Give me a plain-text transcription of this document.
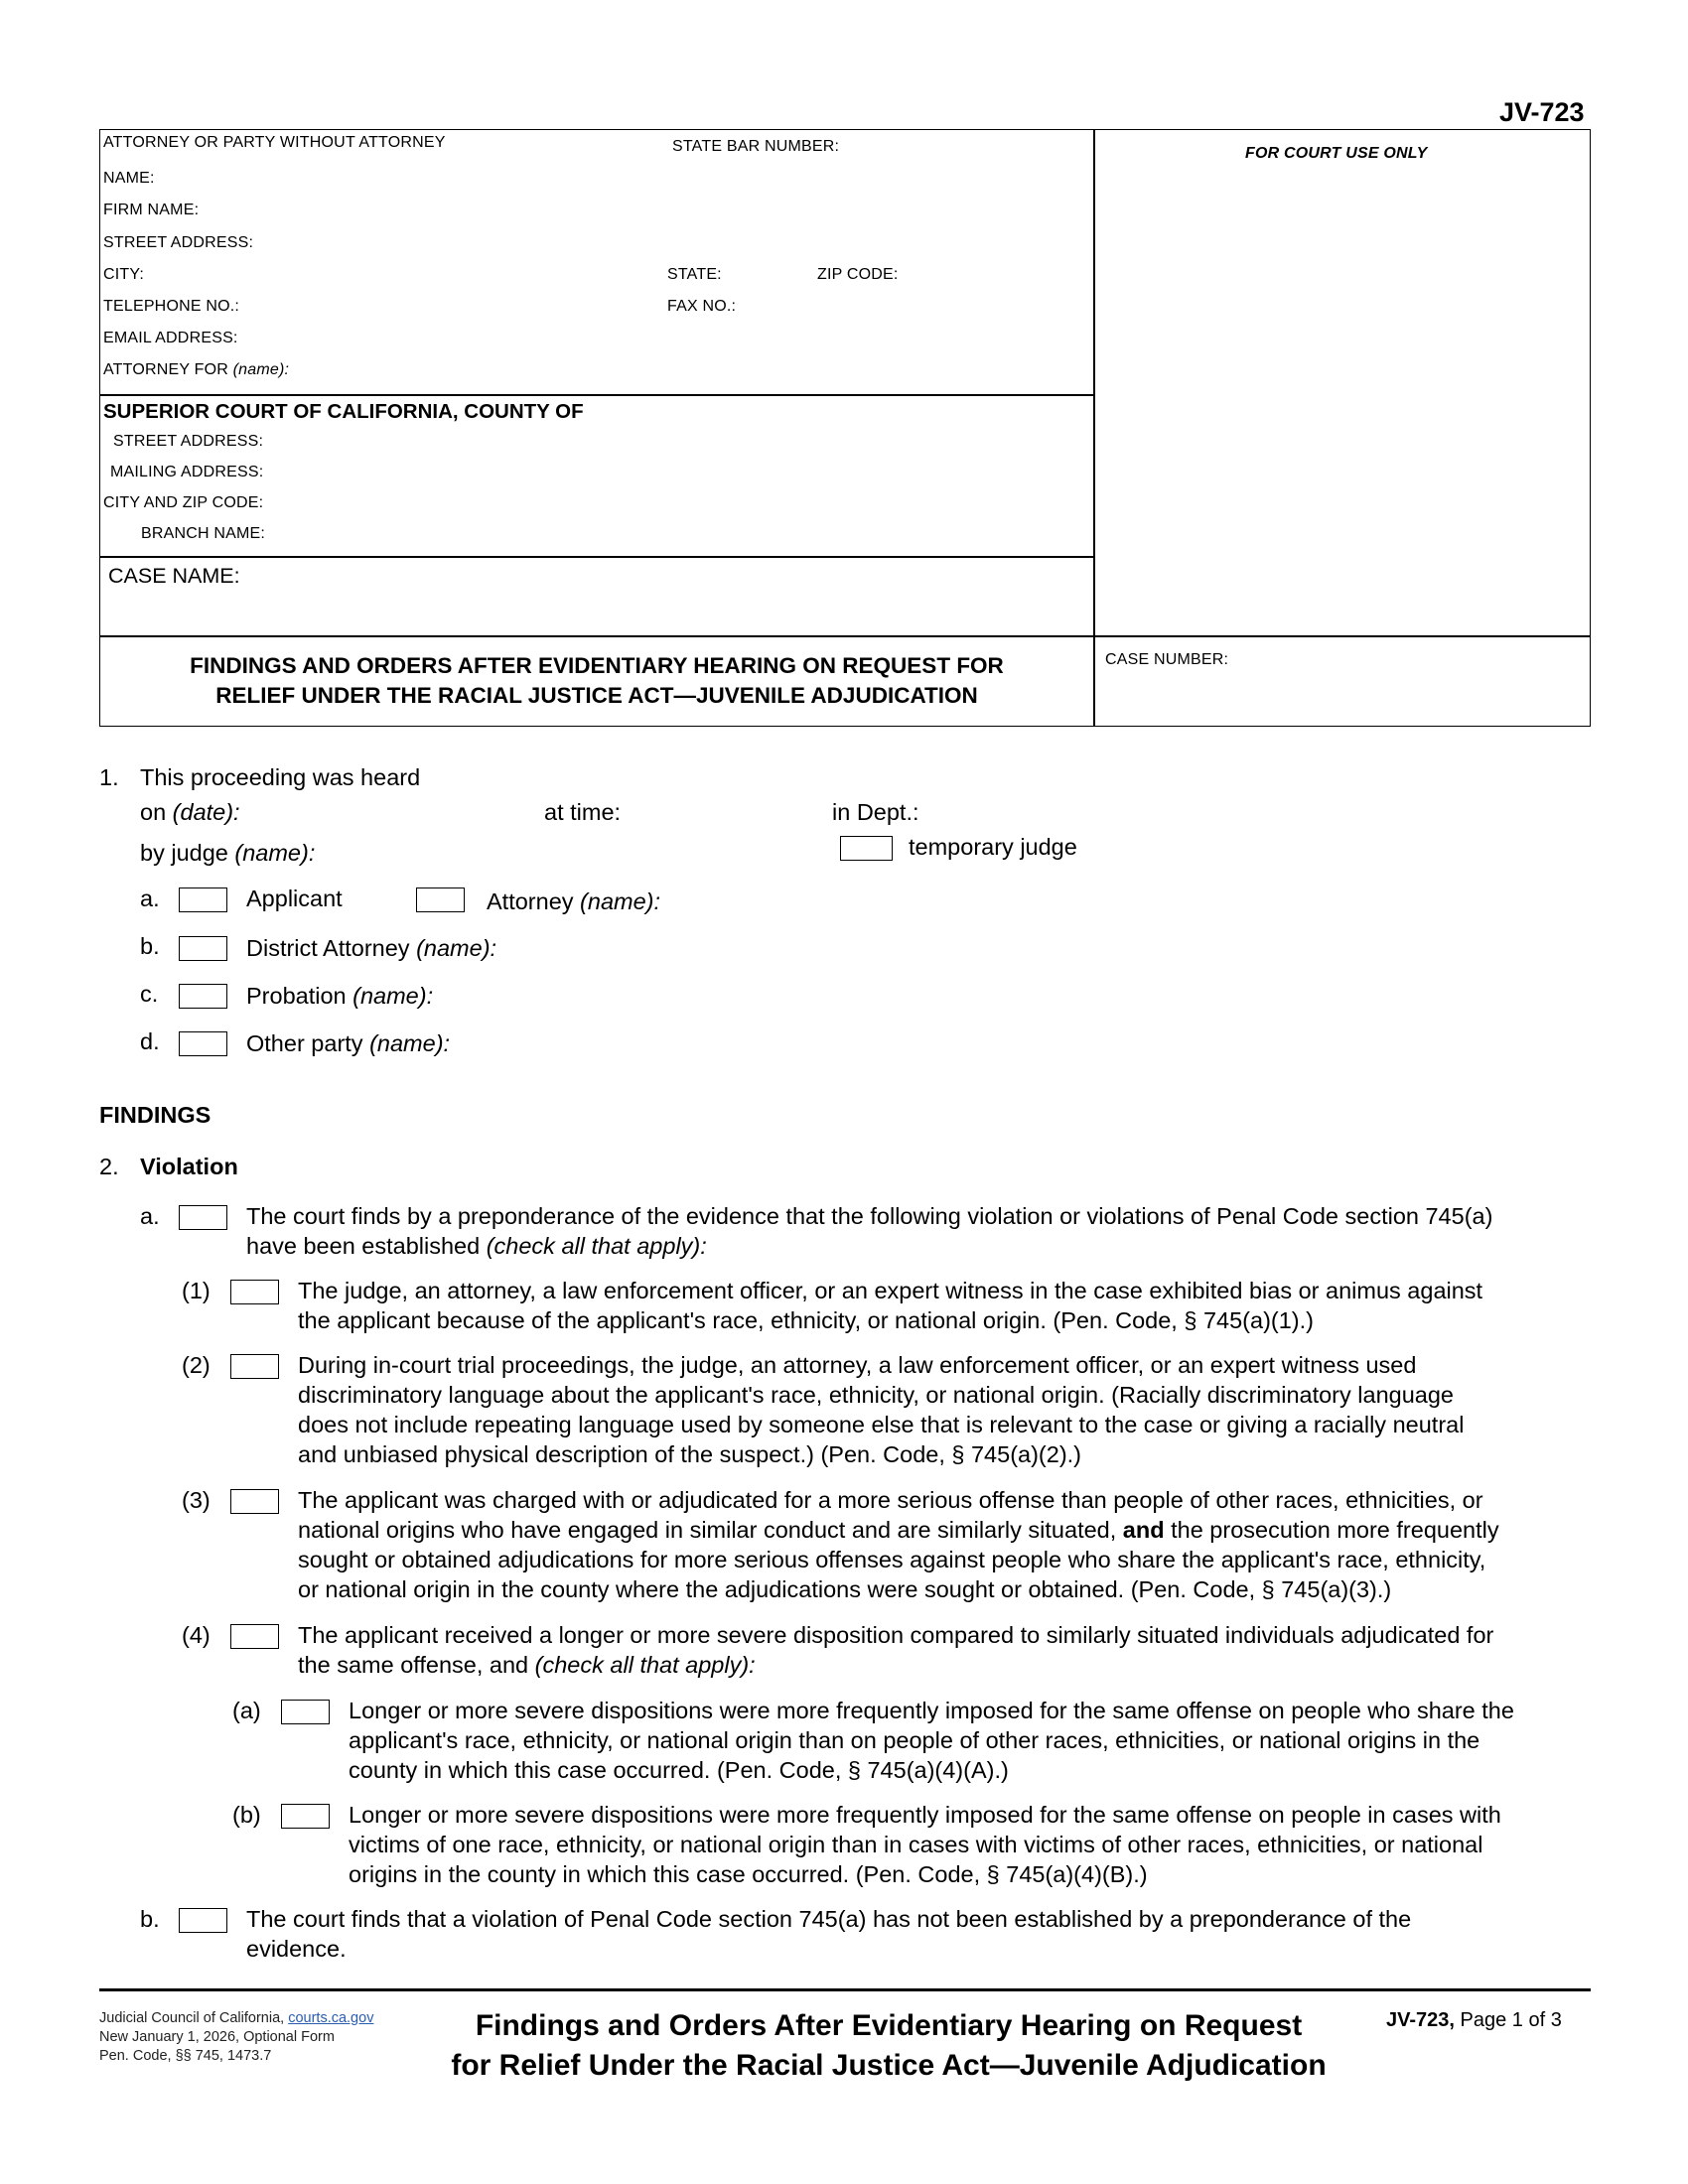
JV-723
ATTORNEY OR PARTY WITHOUT ATTORNEY	STATE BAR NUMBER:	FOR COURT USE ONLY
NAME:
FIRM NAME:
STREET ADDRESS:
CITY:	STATE:	ZIP CODE:
TELEPHONE NO.:	FAX NO.:
EMAIL ADDRESS:
ATTORNEY FOR (name):
SUPERIOR COURT OF CALIFORNIA, COUNTY OF
STREET ADDRESS:
MAILING ADDRESS:
CITY AND ZIP CODE:
BRANCH NAME:
CASE NAME:
FINDINGS AND ORDERS AFTER EVIDENTIARY HEARING ON REQUEST FOR
RELIEF UNDER THE RACIAL JUSTICE ACT—JUVENILE ADJUDICATION
CASE NUMBER:
1. This proceeding was heard
on (date):	at time:	in Dept.:
by judge (name):	temporary judge
a.	Applicant	Attorney (name):
b.	District Attorney (name):
c.	Probation (name):
d.	Other party (name):
FINDINGS
2. Violation
a.	The court finds by a preponderance of the evidence that the following violation or violations of Penal Code section 745(a)
have been established (check all that apply):
(1)	The judge, an attorney, a law enforcement officer, or an expert witness in the case exhibited bias or animus against
the applicant because of the applicant's race, ethnicity, or national origin. (Pen. Code, § 745(a)(1).)
(2)	During in-court trial proceedings, the judge, an attorney, a law enforcement officer, or an expert witness used
discriminatory language about the applicant's race, ethnicity, or national origin. (Racially discriminatory language
does not include repeating language used by someone else that is relevant to the case or giving a racially neutral
and unbiased physical description of the suspect.) (Pen. Code, § 745(a)(2).)
(3)	The applicant was charged with or adjudicated for a more serious offense than people of other races, ethnicities, or
national origins who have engaged in similar conduct and are similarly situated, and the prosecution more frequently
sought or obtained adjudications for more serious offenses against people who share the applicant's race, ethnicity,
or national origin in the county where the adjudications were sought or obtained. (Pen. Code, § 745(a)(3).)
(4)	The applicant received a longer or more severe disposition compared to similarly situated individuals adjudicated for
the same offense, and (check all that apply):
(a)	Longer or more severe dispositions were more frequently imposed for the same offense on people who share the
applicant's race, ethnicity, or national origin than on people of other races, ethnicities, or national origins in the
county in which this case occurred. (Pen. Code, § 745(a)(4)(A).)
(b)	Longer or more severe dispositions were more frequently imposed for the same offense on people in cases with
victims of one race, ethnicity, or national origin than in cases with victims of other races, ethnicities, or national
origins in the county in which this case occurred. (Pen. Code, § 745(a)(4)(B).)
b.	The court finds that a violation of Penal Code section 745(a) has not been established by a preponderance of the
evidence.
Judicial Council of California, courts.ca.gov
New January 1, 2026, Optional Form
Pen. Code, §§ 745, 1473.7
Findings and Orders After Evidentiary Hearing on Request
for Relief Under the Racial Justice Act—Juvenile Adjudication
JV-723, Page 1 of 3
